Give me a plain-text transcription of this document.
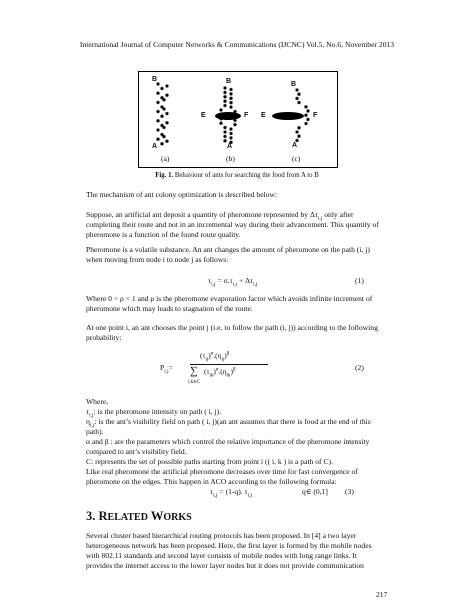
International Journal of Computer Networks & Communications (IJCNC) Vol.5, No.6, November 2013
B
A
B
A
E	F
B
A
E	F
(a)	(b)	(c)
Fig. 1. Behaviour of ants for searching the food from A to B
The mechanism of ant colony optimization is described below:
Suppose, an artificial ant deposit a quantity of pheromone represented by $\Delta\tau_{i,j}$ only after
completing their route and not in an incremental way during their advancement. This quantity of
pheromone is a function of the found route quality.
Pheromone is a volatile substance. An ant changes the amount of pheromone on the path (i, j)
when moving from node i to node j as follows:
$\tau_{i,j} = \sigma.\tau_{i,j} + \Delta\tau_{i,j}$	(1)
Where 0 < ρ < 1 and ρ is the pheromone evaporation factor which avoids infinite increment of
pheromone which may leads to stagnation of the route.
At one point i, an ant chooses the point j (i.e. to follow the path (i, j)) according to the following
probability:
$P_{i,j}=$
$(\tau_{ij})^\alpha.(\eta_{ij})^\beta$
∑ $(\tau_{ik})^\alpha.(\eta_{ik})^\beta$
i,k∈C
(2)
Where,
$\tau_{i,j}$: is the pheromone intensity on path ( i, j).
$\eta_{i,j}$: is the ant’s visibility field on path ( i, j)(an ant assumes that there is food at the end of this
path).
α and β : are the parameters which control the relative importance of the pheromone intensity
compared to ant’s visibility field.
C: represents the set of possible paths starting from point i (( i, k ) is a path of C).
Like real pheromone the artificial pheromone decreases over time for fast convergence of
pheromone on the edges. This happen in ACO according to the following formula:
$\tau_{i,j} = (1-q)$. $\tau_{i,j}$	q∈ (0,1] (3)
3. RELATED WORKS
Several cluster based hierarchical routing protocols has been proposed. In [4] a two layer
heterogeneous network has been proposed. Here, the first layer is formed by the mobile nodes
with 802.11 standards and second layer consists of mobile nodes with long range links. It
provides the internet access to the lower layer nodes but it does not provide communication
217
